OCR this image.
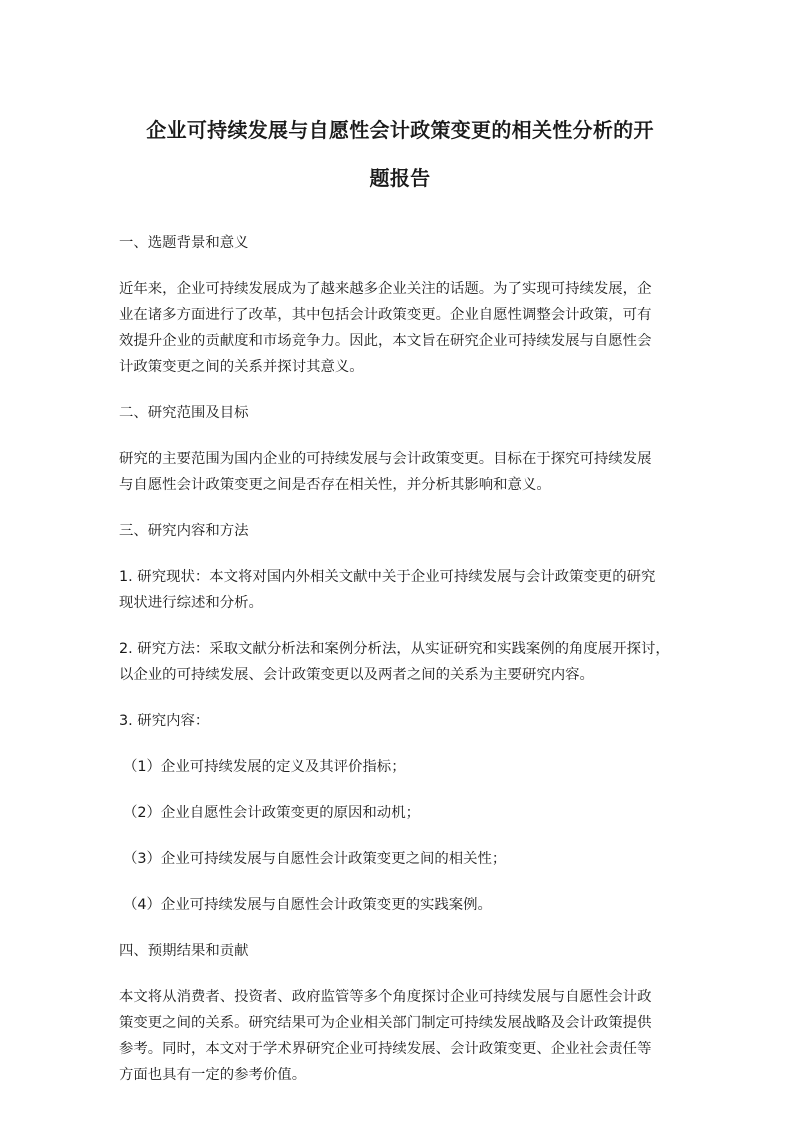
企业可持续发展与自愿性会计政策变更的相关性分析的开
题报告
一、选题背景和意义
近年来，企业可持续发展成为了越来越多企业关注的话题。为了实现可持续发展，企
业在诸多方面进行了改革，其中包括会计政策变更。企业自愿性调整会计政策，可有
效提升企业的贡献度和市场竞争力。因此，本文旨在研究企业可持续发展与自愿性会
计政策变更之间的关系并探讨其意义。
二、研究范围及目标
研究的主要范围为国内企业的可持续发展与会计政策变更。目标在于探究可持续发展
与自愿性会计政策变更之间是否存在相关性，并分析其影响和意义。
三、研究内容和方法
1. 研究现状：本文将对国内外相关文献中关于企业可持续发展与会计政策变更的研究
现状进行综述和分析。
2. 研究方法：采取文献分析法和案例分析法，从实证研究和实践案例的角度展开探讨，
以企业的可持续发展、会计政策变更以及两者之间的关系为主要研究内容。
3. 研究内容：
（1）企业可持续发展的定义及其评价指标；
（2）企业自愿性会计政策变更的原因和动机；
（3）企业可持续发展与自愿性会计政策变更之间的相关性；
（4）企业可持续发展与自愿性会计政策变更的实践案例。
四、预期结果和贡献
本文将从消费者、投资者、政府监管等多个角度探讨企业可持续发展与自愿性会计政
策变更之间的关系。研究结果可为企业相关部门制定可持续发展战略及会计政策提供
参考。同时，本文对于学术界研究企业可持续发展、会计政策变更、企业社会责任等
方面也具有一定的参考价值。
